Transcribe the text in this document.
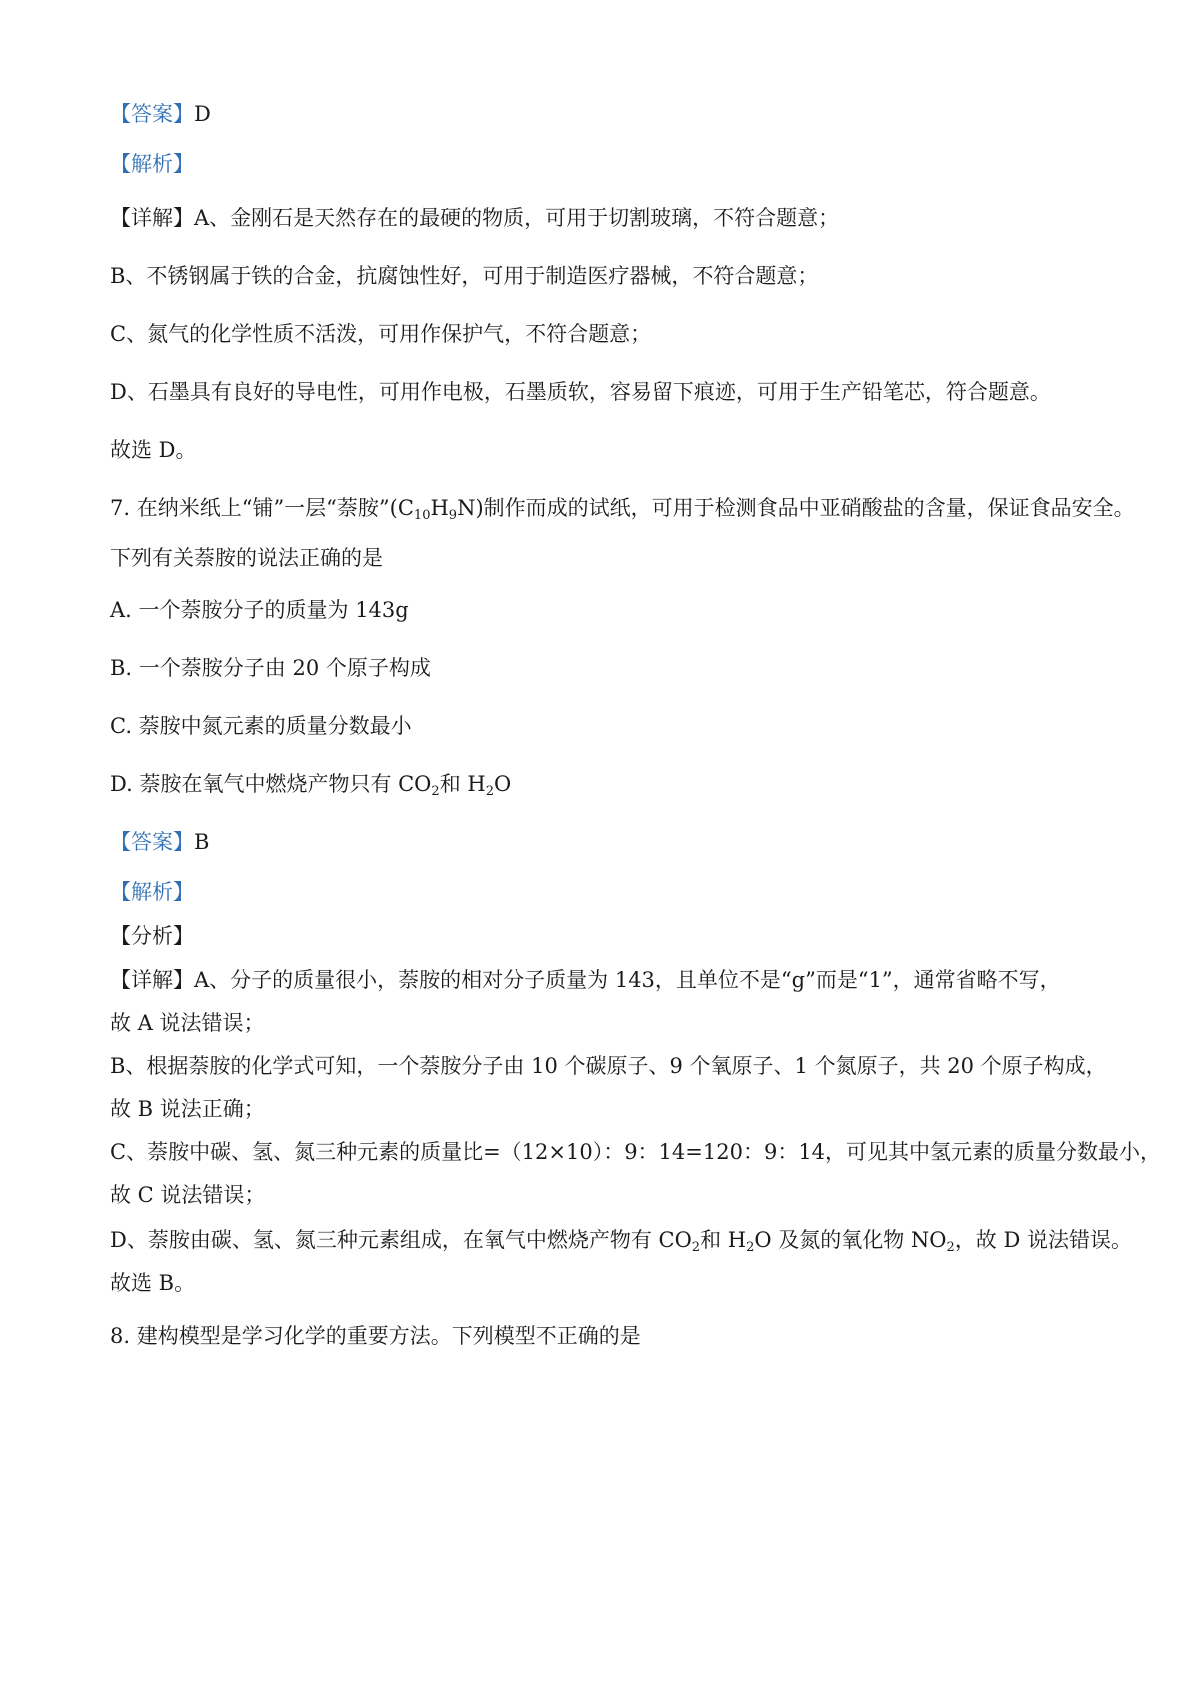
【答案】D
【解析】
【详解】A、金刚石是天然存在的最硬的物质，可用于切割玻璃，不符合题意；
B、不锈钢属于铁的合金，抗腐蚀性好，可用于制造医疗器械，不符合题意；
C、氮气的化学性质不活泼，可用作保护气，不符合题意；
D、石墨具有良好的导电性，可用作电极，石墨质软，容易留下痕迹，可用于生产铅笔芯，符合题意。
故选 D。
7. 在纳米纸上“铺”一层“萘胺$”(C_{10}H_9N)$制作而成的试纸，可用于检测食品中亚硝酸盐的含量，保证食品安全。
下列有关萘胺的说法正确的是
A. 一个萘胺分子的质量为 143g
B. 一个萘胺分子由 20 个原子构成
C. 萘胺中氮元素的质量分数最小
D. 萘胺在氧气中燃烧产物只有 $CO_2$和 $H_2O$
【答案】B
【解析】
【分析】
【详解】A、分子的质量很小，萘胺的相对分子质量为 143，且单位不是“g”而是“1”，通常省略不写，
故 A 说法错误；
B、根据萘胺的化学式可知，一个萘胺分子由 10 个碳原子、9 个氧原子、1 个氮原子，共 20 个原子构成，
故 B 说法正确；
C、萘胺中碳、氢、氮三种元素的质量比=（12×10）：9：14=120：9：14，可见其中氢元素的质量分数最小，
故 C 说法错误；
D、萘胺由碳、氢、氮三种元素组成，在氧气中燃烧产物有 $CO_2$和 $H_2O$ 及氮的氧化物 $NO_2$，故 D 说法错误。
故选 B。
8. 建构模型是学习化学的重要方法。下列模型不正确的是
